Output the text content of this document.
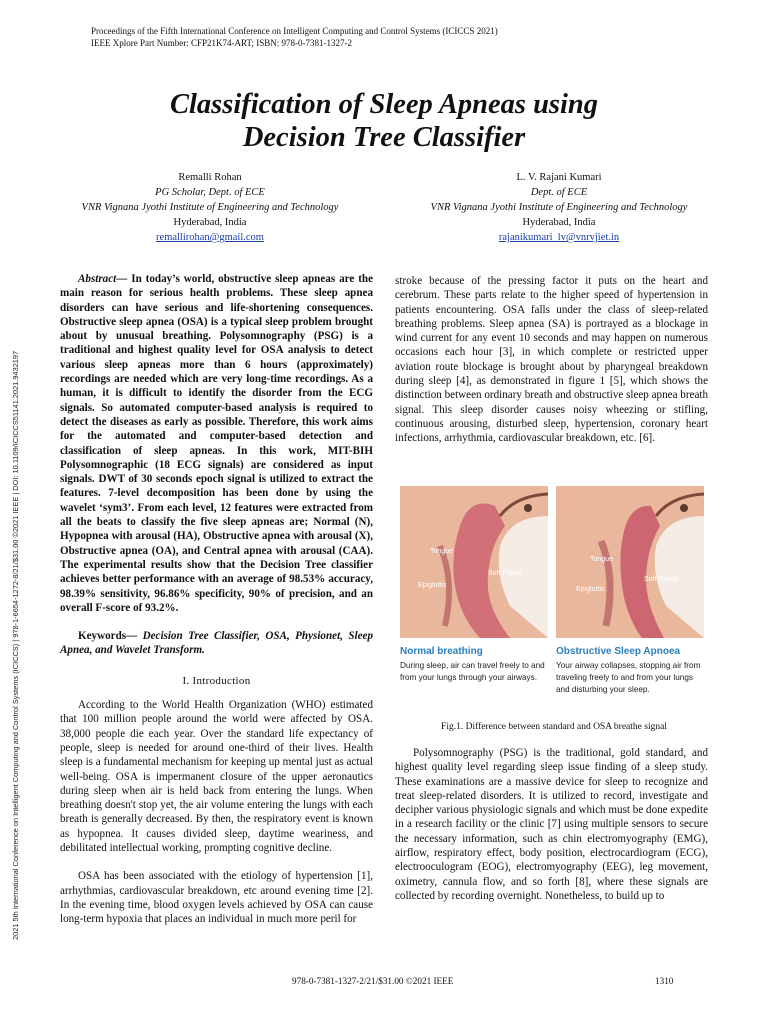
Proceedings of the Fifth International Conference on Intelligent Computing and Control Systems (ICICCS 2021)
IEEE Xplore Part Number: CFP21K74-ART; ISBN: 978-0-7381-1327-2
2021 5th International Conference on Intelligent Computing and Control Systems (ICICCS) | 978-1-6654-1272-8/21/$31.00 ©2021 IEEE | DOI: 10.1109/ICICCS51141.2021.9432197
Classification of Sleep Apneas using
Decision Tree Classifier
Remalli Rohan
PG Scholar, Dept. of ECE
VNR Vignana Jyothi Institute of Engineering and Technology
Hyderabad, India
remallirohan@gmail.com
L. V. Rajani Kumari
Dept. of ECE
VNR Vignana Jyothi Institute of Engineering and Technology
Hyderabad, India
rajanikumari_lv@vnrvjiet.in

Abstract— In today’s world, obstructive sleep apneas are the main reason for serious health problems. These sleep apnea disorders can have serious and life-shortening consequences. Obstructive sleep apnea (OSA) is a typical sleep problem brought about by unusual breathing. Polysomnography (PSG) is a traditional and highest quality level for OSA analysis to detect various sleep apneas more than 6 hours (approximately) recordings are needed which are very long-time recordings. As a human, it is difficult to identify the disorder from the ECG signals. So automated computer-based analysis is required to detect the diseases as early as possible. Therefore, this work aims for the automated and computer-based detection and classification of sleep apneas. In this work, MIT-BIH Polysomnographic (18 ECG signals) are considered as input signals. DWT of 30 seconds epoch signal is utilized to extract the features. 7-level decomposition has been done by using the wavelet ‘sym3’. From each level, 12 features were extracted from all the beats to classify the five sleep apneas are; Normal (N), Hypopnea with arousal (HA), Obstructive apnea with arousal (X), Obstructive apnea (OA), and Central apnea with arousal (CAA). The experimental results show that the Decision Tree classifier achieves better performance with an average of 98.53% accuracy, 98.39% sensitivity, 96.86% specificity, 90% of precision, and an overall F-score of 93.2%.

Keywords— Decision Tree Classifier, OSA, Physionet, Sleep Apnea, and Wavelet Transform.

I. Introduction

According to the World Health Organization (WHO) estimated that 100 million people around the world were affected by OSA. 38,000 people die each year. Over the standard life expectancy of people, sleep is needed for around one-third of their lives. Health sleep is a fundamental mechanism for keeping up mental just as actual well-being. OSA is impermanent closure of the upper aeronautics during sleep when air is held back from entering the lungs. When breathing doesn't stop yet, the air volume entering the lungs with each breath is generally decreased. By then, the respiratory event is known as hypopnea. It causes divided sleep, daytime weariness, and debilitated intellectual working, prompting cognitive decline.

OSA has been associated with the etiology of hypertension [1], arrhythmias, cardiovascular breakdown, etc around evening time [2]. In the evening time, blood oxygen levels achieved by OSA can cause long-term hypoxia that places an individual in much more peril for

stroke because of the pressing factor it puts on the heart and cerebrum. These parts relate to the higher speed of hypertension in patients encountering. OSA falls under the class of sleep-related breathing problems. Sleep apnea (SA) is portrayed as a blockage in wind current for any event 10 seconds and may happen on numerous occasions each hour [3], in which complete or restricted upper aviation route blockage is brought about by pharyngeal breakdown during sleep [4], as demonstrated in figure 1 [5], which shows the distinction between ordinary breath and obstructive sleep apnea breath signal. This sleep disorder causes noisy wheezing or stifling, continuous arousing, disturbed sleep, hypertension, coronary heart infections, arrhythmia, cardiovascular breakdown, etc. [6].

Tongue
Epiglottis
Soft Palate
Tongue
Epiglottis
Soft Palate
Normal breathing
During sleep, air can travel freely to and from your lungs through your airways.
Obstructive Sleep Apnoea
Your airway collapses, stopping air from traveling freely to and from your lungs and disturbing your sleep.
Fig.1. Difference between standard and OSA breathe signal

Polysomnography (PSG) is the traditional, gold standard, and highest quality level regarding sleep issue finding of a sleep study. These examinations are a massive device for sleep to recognize and treat sleep-related disorders. It is utilized to record, investigate and decipher various physiologic signals and which must be done expedite in a research facility or the clinic [7] using multiple sensors to secure the necessary information, such as chin electromyography (EMG), airflow, respiratory effect, body position, electrocardiogram (ECG), electrooculogram (EOG), electromyography (EEG), leg movement, oximetry, cannula flow, and so forth [8], where these signals are collected by recording overnight. Nonetheless, to build up to

978-0-7381-1327-2/21/$31.00 ©2021 IEEE	1310
